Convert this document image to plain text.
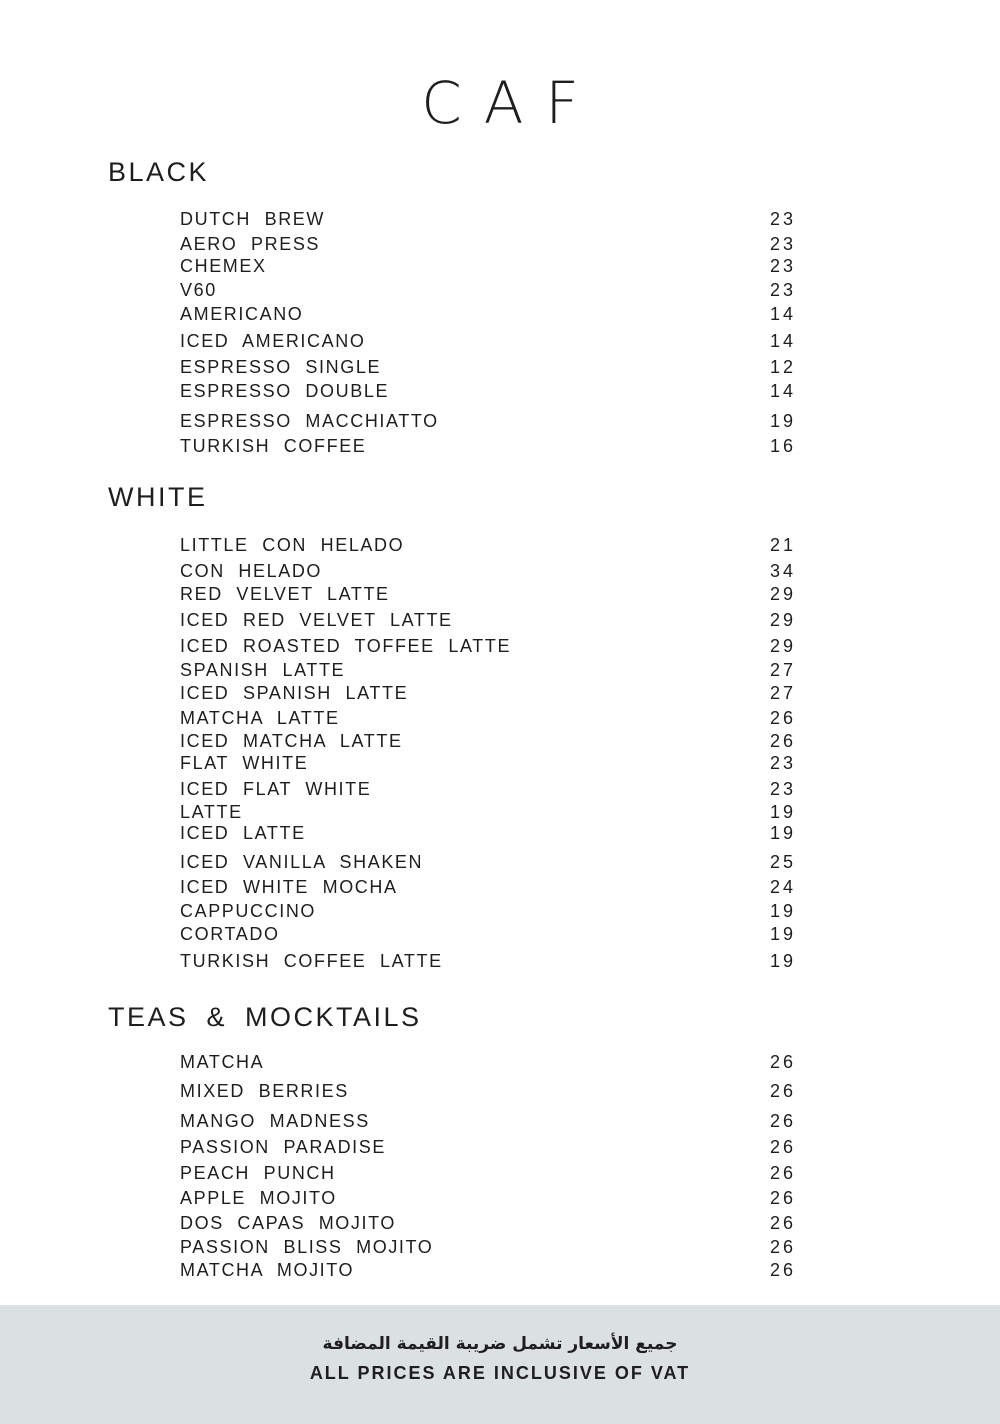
CAF
BLACK
DUTCH BREW	23
AERO PRESS	23
CHEMEX	23
V60	23
AMERICANO	14
ICED AMERICANO	14
ESPRESSO SINGLE	12
ESPRESSO DOUBLE	14
ESPRESSO MACCHIATTO	19
TURKISH COFFEE	16
WHITE
LITTLE CON HELADO	21
CON HELADO	34
RED VELVET LATTE	29
ICED RED VELVET LATTE	29
ICED ROASTED TOFFEE LATTE	29
SPANISH LATTE	27
ICED SPANISH LATTE	27
MATCHA LATTE	26
ICED MATCHA LATTE	26
FLAT WHITE	23
ICED FLAT WHITE	23
LATTE	19
ICED LATTE	19
ICED VANILLA SHAKEN	25
ICED WHITE MOCHA	24
CAPPUCCINO	19
CORTADO	19
TURKISH COFFEE LATTE	19
TEAS & MOCKTAILS
MATCHA	26
MIXED BERRIES	26
MANGO MADNESS	26
PASSION PARADISE	26
PEACH PUNCH	26
APPLE MOJITO	26
DOS CAPAS MOJITO	26
PASSION BLISS MOJITO	26
MATCHA MOJITO	26
جميع الأسعار تشمل ضريبة القيمة المضافة
ALL PRICES ARE INCLUSIVE OF VAT
